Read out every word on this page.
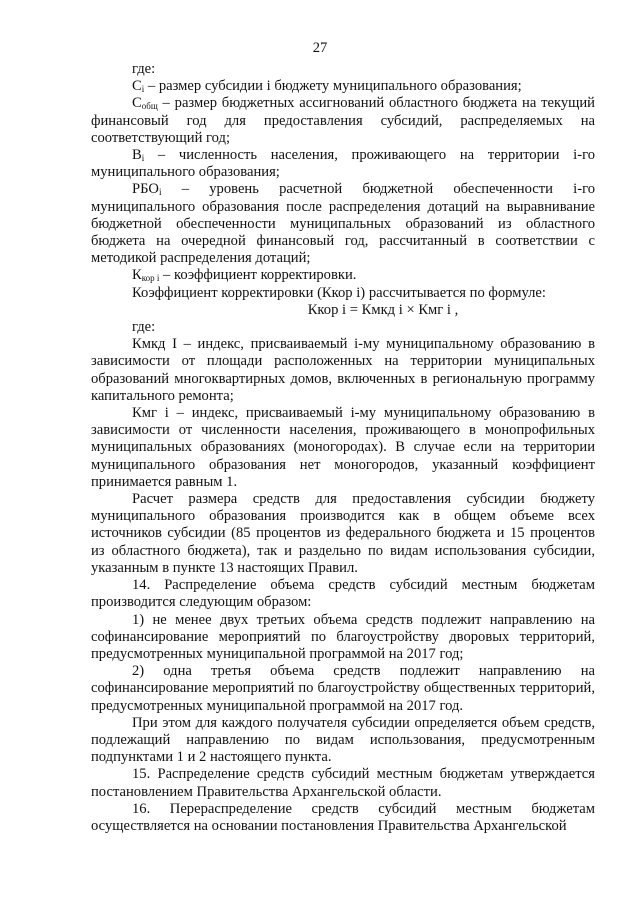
27

где:

$C_i$ – размер субсидии i бюджету муниципального образования;

$C_{общ}$ – размер бюджетных ассигнований областного бюджета на текущий финансовый год для предоставления субсидий, распределяемых на соответствующий год;

$B_i$ – численность населения, проживающего на территории i-го муниципального образования;

$РБО_i$ – уровень расчетной бюджетной обеспеченности i-го муниципального образования после распределения дотаций на выравнивание бюджетной обеспеченности муниципальных образований из областного бюджета на очередной финансовый год, рассчитанный в соответствии с методикой распределения дотаций;

$К_{кор i}$ – коэффициент корректировки.

Коэффициент корректировки (Ккор i) рассчитывается по формуле:

Ккор i = Кмкд i × Кмг i ,

где:

Кмкд I – индекс, присваиваемый i-му муниципальному образованию в зависимости от площади расположенных на территории муниципальных образований многоквартирных домов, включенных в региональную программу капитального ремонта;

Кмг i – индекс, присваиваемый i-му муниципальному образованию в зависимости от численности населения, проживающего в монопрофильных муниципальных образованиях (моногородах). В случае если на территории муниципального образования нет моногородов, указанный коэффициент принимается равным 1.

Расчет размера средств для предоставления субсидии бюджету муниципального образования производится как в общем объеме всех источников субсидии (85 процентов из федерального бюджета и 15 процентов из областного бюджета), так и раздельно по видам использования субсидии, указанным в пункте 13 настоящих Правил.

14. Распределение объема средств субсидий местным бюджетам производится следующим образом:

1) не менее двух третьих объема средств подлежит направлению на софинансирование мероприятий по благоустройству дворовых территорий, предусмотренных муниципальной программой на 2017 год;

2) одна третья объема средств подлежит направлению на софинансирование мероприятий по благоустройству общественных территорий, предусмотренных муниципальной программой на 2017 год.

При этом для каждого получателя субсидии определяется объем средств, подлежащий направлению по видам использования, предусмотренным подпунктами 1 и 2 настоящего пункта.

15. Распределение средств субсидий местным бюджетам утверждается постановлением Правительства Архангельской области.

16. Перераспределение средств субсидий местным бюджетам осуществляется на основании постановления Правительства Архангельской
